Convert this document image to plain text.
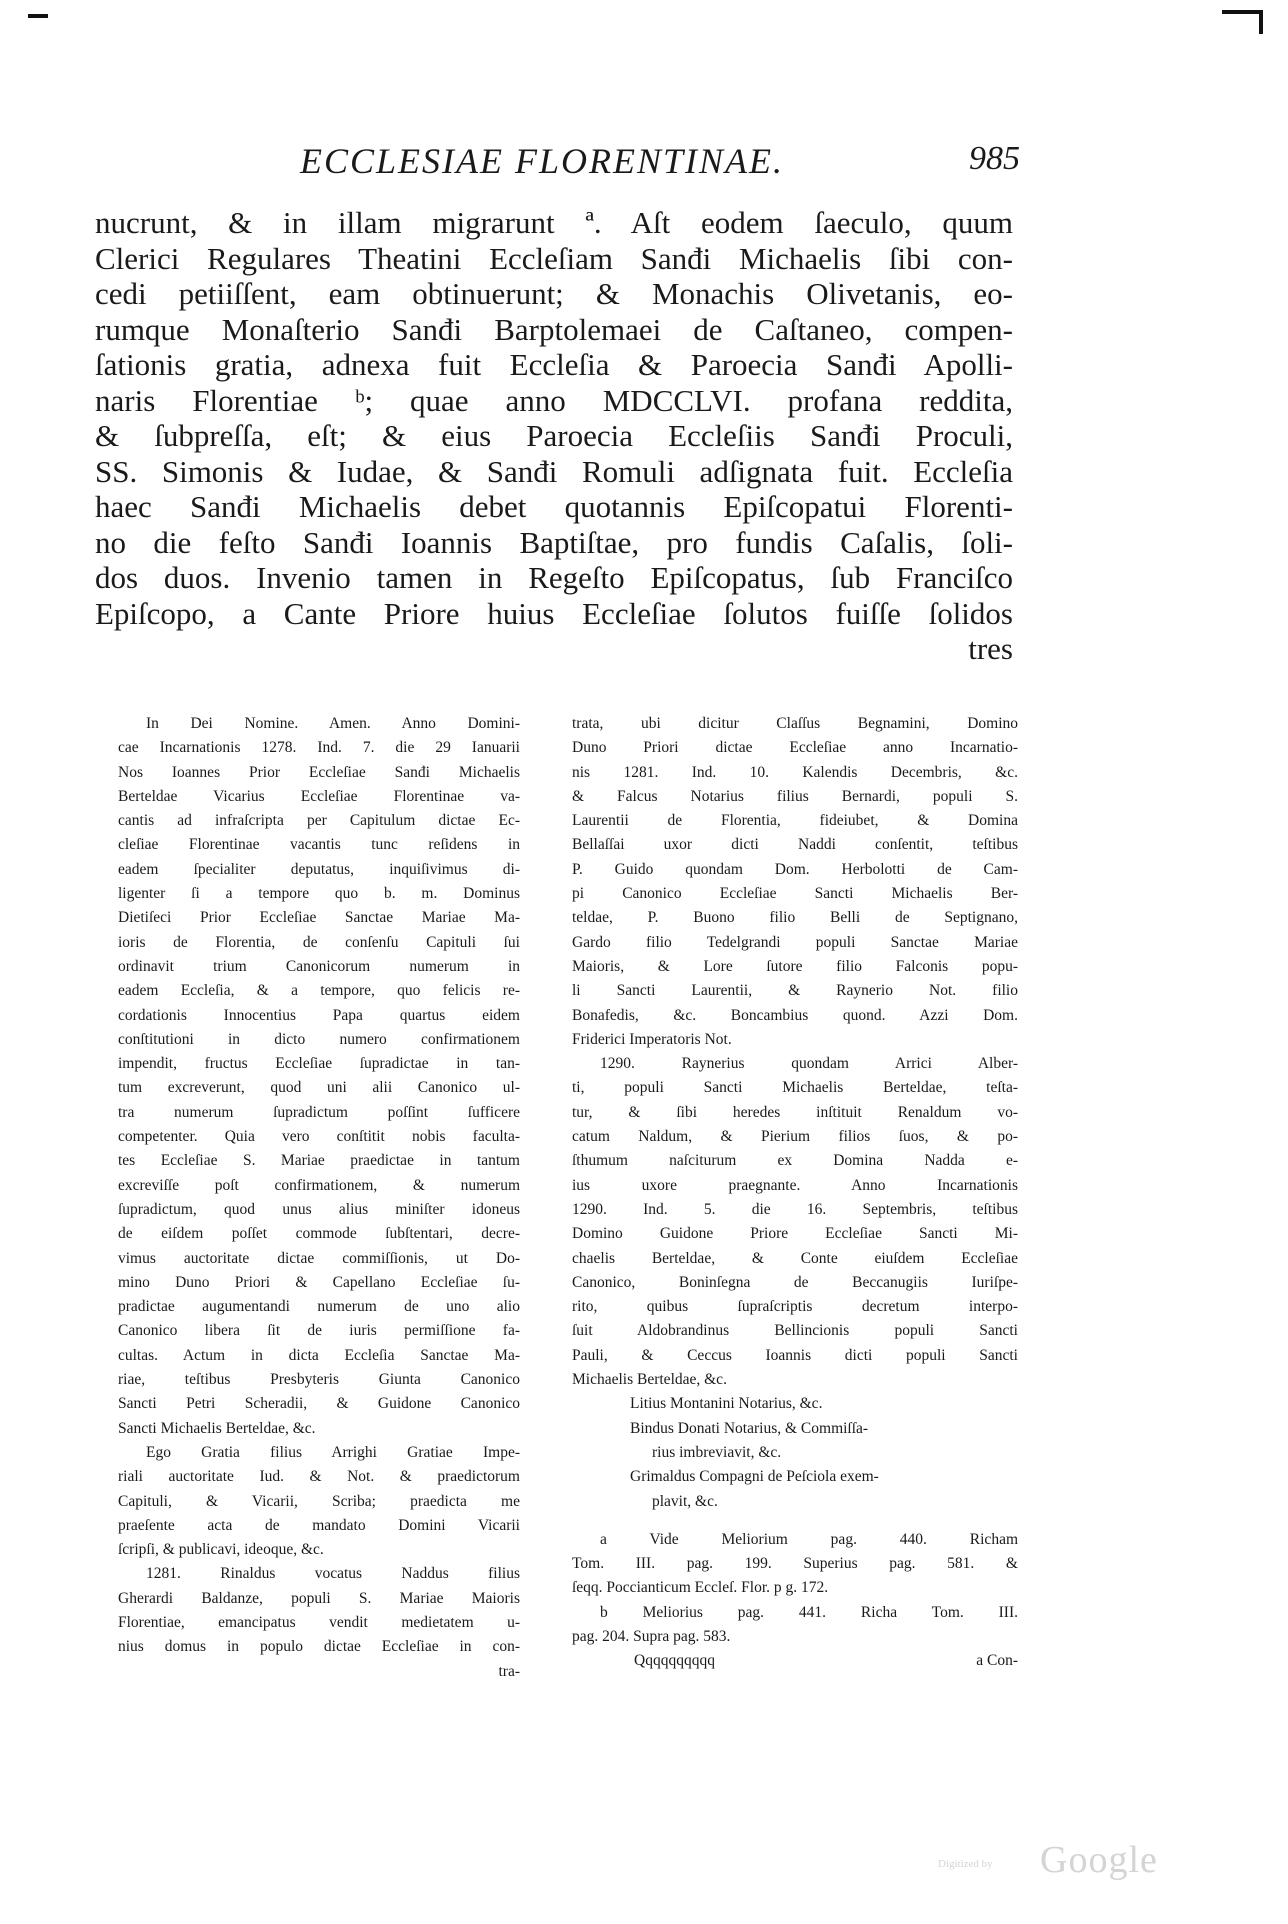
ECCLESIAE FLORENTINAE.	985
nucrunt, & in illam migrarunt ª. Aſt eodem ſaeculo, quum
Clerici Regulares Theatini Eccleſiam Sanđi Michaelis ſibi con-
cedi petiiſſent, eam obtinuerunt; & Monachis Olivetanis, eo-
rumque Monaſterio Sanđi Barptolemaei de Caſtaneo, compen-
ſationis gratia, adnexa fuit Eccleſia & Paroecia Sanđi Apolli-
naris Florentiae ᵇ; quae anno MDCCLVI. profana reddita,
& ſubpreſſa, eſt; & eius Paroecia Eccleſiis Sanđi Proculi,
SS. Simonis & Iudae, & Sanđi Romuli adſignata fuit. Eccleſia
haec Sanđi Michaelis debet quotannis Epiſcopatui Florenti-
no die feſto Sanđi Ioannis Baptiſtae, pro fundis Caſalis, ſoli-
dos duos. Invenio tamen in Regeſto Epiſcopatus, ſub Franciſco
Epiſcopo, a Cante Priore huius Eccleſiae ſolutos fuiſſe ſolidos
tres
In Dei Nomine. Amen. Anno Domini-
cae Incarnationis 1278. Ind. 7. die 29 Ianuarii
Nos Ioannes Prior Eccleſiae Sanđi Michaelis
Berteldae Vicarius Eccleſiae Florentinae va-
cantis ad infraſcripta per Capitulum dictae Ec-
cleſiae Florentinae vacantis tunc reſidens in
eadem ſpecialiter deputatus, inquiſivimus di-
ligenter ſi a tempore quo b. m. Dominus
Dietiſeci Prior Eccleſiae Sanctae Mariae Ma-
ioris de Florentia, de conſenſu Capituli ſui
ordinavit trium Canonicorum numerum in
eadem Eccleſia, & a tempore, quo felicis re-
cordationis Innocentius Papa quartus eidem
conſtitutioni in dicto numero confirmationem
impendit, fructus Eccleſiae ſupradictae in tan-
tum excreverunt, quod uni alii Canonico ul-
tra numerum ſupradictum poſſint ſufficere
competenter. Quia vero conſtitit nobis faculta-
tes Eccleſiae S. Mariae praedictae in tantum
excreviſſe poſt confirmationem, & numerum
ſupradictum, quod unus alius miniſter idoneus
de eiſdem poſſet commode ſubſtentari, decre-
vimus auctoritate dictae commiſſionis, ut Do-
mino Duno Priori & Capellano Eccleſiae ſu-
pradictae augumentandi numerum de uno alio
Canonico libera ſit de iuris permiſſione fa-
cultas. Actum in dicta Eccleſia Sanctae Ma-
riae, teſtibus Presbyteris Giunta Canonico
Sancti Petri Scheradii, & Guidone Canonico
Sancti Michaelis Berteldae, &c.
Ego Gratia filius Arrighi Gratiae Impe-
riali auctoritate Iud. & Not. & praedictorum
Capituli, & Vicarii, Scriba; praedicta me
praeſente acta de mandato Domini Vicarii
ſcripſi, & publicavi, ideoque, &c.
1281. Rinaldus vocatus Naddus filius
Gherardi Baldanze, populi S. Mariae Maioris
Florentiae, emancipatus vendit medietatem u-
nius domus in populo dictae Eccleſiae in con-
tra-
trata, ubi dicitur Claſſus Begnamini, Domino
Duno Priori dictae Eccleſiae anno Incarnatio-
nis 1281. Ind. 10. Kalendis Decembris, &c.
& Falcus Notarius filius Bernardi, populi S.
Laurentii de Florentia, fideiubet, & Domina
Bellaſſai uxor dicti Naddi conſentit, teſtibus
P. Guido quondam Dom. Herbolotti de Cam-
pi Canonico Eccleſiae Sancti Michaelis Ber-
teldae, P. Buono filio Belli de Septignano,
Gardo filio Tedelgrandi populi Sanctae Mariae
Maioris, & Lore ſutore filio Falconis popu-
li Sancti Laurentii, & Raynerio Not. filio
Bonafedis, &c. Boncambius quond. Azzi Dom.
Friderici Imperatoris Not.
1290. Raynerius quondam Arrici Alber-
ti, populi Sancti Michaelis Berteldae, teſta-
tur, & ſibi heredes inſtituit Renaldum vo-
catum Naldum, & Pierium filios ſuos, & po-
ſthumum naſciturum ex Domina Nadda e-
ius uxore praegnante. Anno Incarnationis
1290. Ind. 5. die 16. Septembris, teſtibus
Domino Guidone Priore Eccleſiae Sancti Mi-
chaelis Berteldae, & Conte eiuſdem Eccleſiae
Canonico, Boninſegna de Beccanugiis Iuriſpe-
rito, quibus ſupraſcriptis decretum interpo-
ſuit Aldobrandinus Bellincionis populi Sancti
Pauli, & Ceccus Ioannis dicti populi Sancti
Michaelis Berteldae, &c.
Litius Montanini Notarius, &c.
Bindus Donati Notarius, & Commiſſa-
rius imbreviavit, &c.
Grimaldus Compagni de Peſciola exem-
plavit, &c.
a Vide Meliorium pag. 440. Richam
Tom. III. pag. 199. Superius pag. 581. &
ſeqq. Poccianticum Eccleſ. Flor. p g. 172.
b Meliorius pag. 441. Richa Tom. III.
pag. 204. Supra pag. 583.
Qqqqqqqqqq	a Con-
Digitized by Google
